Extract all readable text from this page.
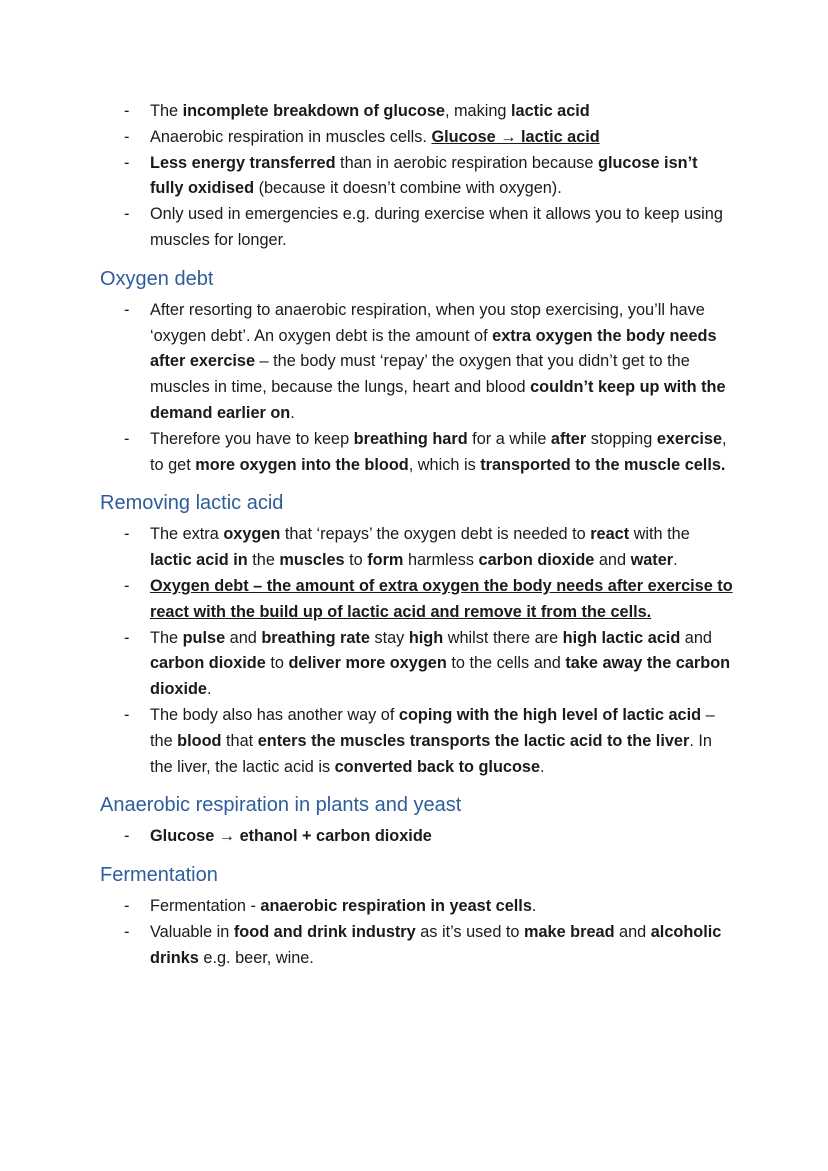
- The incomplete breakdown of glucose, making lactic acid
- Anaerobic respiration in muscles cells. Glucose → lactic acid
- Less energy transferred than in aerobic respiration because glucose isn’t fully oxidised (because it doesn’t combine with oxygen).
- Only used in emergencies e.g. during exercise when it allows you to keep using muscles for longer.
Oxygen debt
- After resorting to anaerobic respiration, when you stop exercising, you’ll have ‘oxygen debt’. An oxygen debt is the amount of extra oxygen the body needs after exercise – the body must ‘repay’ the oxygen that you didn’t get to the muscles in time, because the lungs, heart and blood couldn’t keep up with the demand earlier on.
- Therefore you have to keep breathing hard for a while after stopping exercise, to get more oxygen into the blood, which is transported to the muscle cells.
Removing lactic acid
- The extra oxygen that ‘repays’ the oxygen debt is needed to react with the lactic acid in the muscles to form harmless carbon dioxide and water.
- Oxygen debt – the amount of extra oxygen the body needs after exercise to react with the build up of lactic acid and remove it from the cells.
- The pulse and breathing rate stay high whilst there are high lactic acid and carbon dioxide to deliver more oxygen to the cells and take away the carbon dioxide.
- The body also has another way of coping with the high level of lactic acid – the blood that enters the muscles transports the lactic acid to the liver. In the liver, the lactic acid is converted back to glucose.
Anaerobic respiration in plants and yeast
- Glucose → ethanol + carbon dioxide
Fermentation
- Fermentation - anaerobic respiration in yeast cells.
- Valuable in food and drink industry as it’s used to make bread and alcoholic drinks e.g. beer, wine.
